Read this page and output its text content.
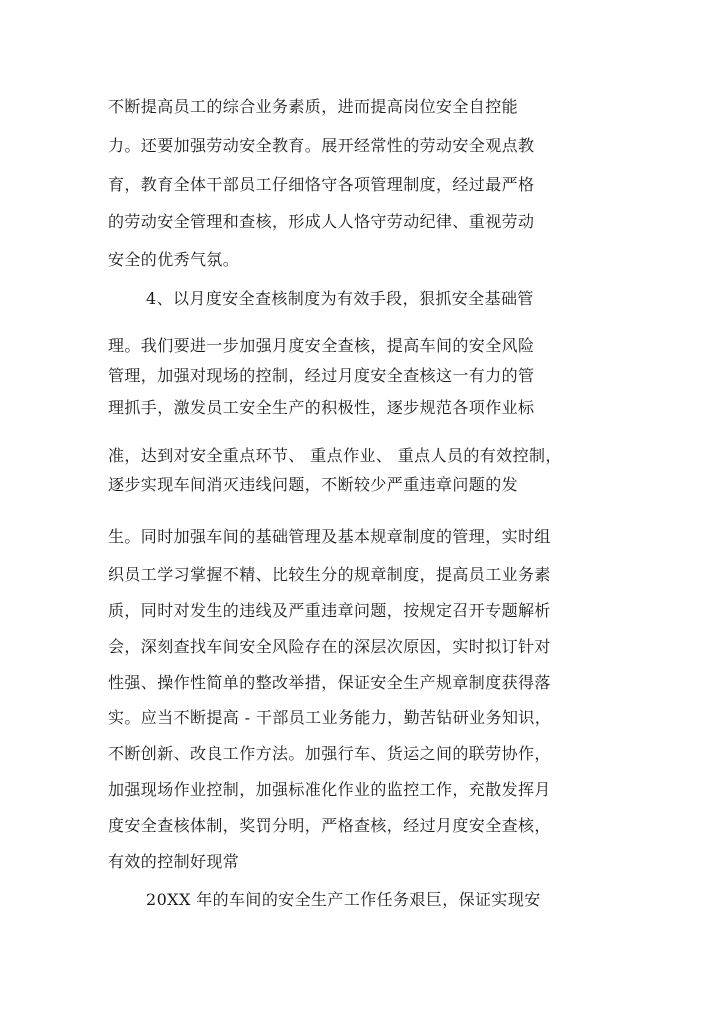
不断提高员工的综合业务素质，进而提高岗位安全自控能
力。还要加强劳动安全教育。展开经常性的劳动安全观点教
育，教育全体干部员工仔细恪守各项管理制度，经过最严格
的劳动安全管理和查核，形成人人恪守劳动纪律、重视劳动
安全的优秀气氛。
4、以月度安全查核制度为有效手段，狠抓安全基础管
理。我们要进一步加强月度安全查核，提高车间的安全风险
管理，加强对现场的控制，经过月度安全查核这一有力的管
理抓手，激发员工安全生产的积极性，逐步规范各项作业标
准，达到对安全重点环节、 重点作业、 重点人员的有效控制，
逐步实现车间消灭违线问题，不断较少严重违章问题的发
生。同时加强车间的基础管理及基本规章制度的管理，实时组
织员工学习掌握不精、比较生分的规章制度，提高员工业务素
质，同时对发生的违线及严重违章问题，按规定召开专题解析
会，深刻查找车间安全风险存在的深层次原因，实时拟订针对
性强、操作性简单的整改举措，保证安全生产规章制度获得落
实。应当不断提高 - 干部员工业务能力，勤苦钻研业务知识，
不断创新、改良工作方法。加强行车、货运之间的联劳协作，
加强现场作业控制，加强标准化作业的监控工作，充散发挥月
度安全查核体制，奖罚分明，严格查核，经过月度安全查核，
有效的控制好现常
20XX 年的车间的安全生产工作任务艰巨，保证实现安
